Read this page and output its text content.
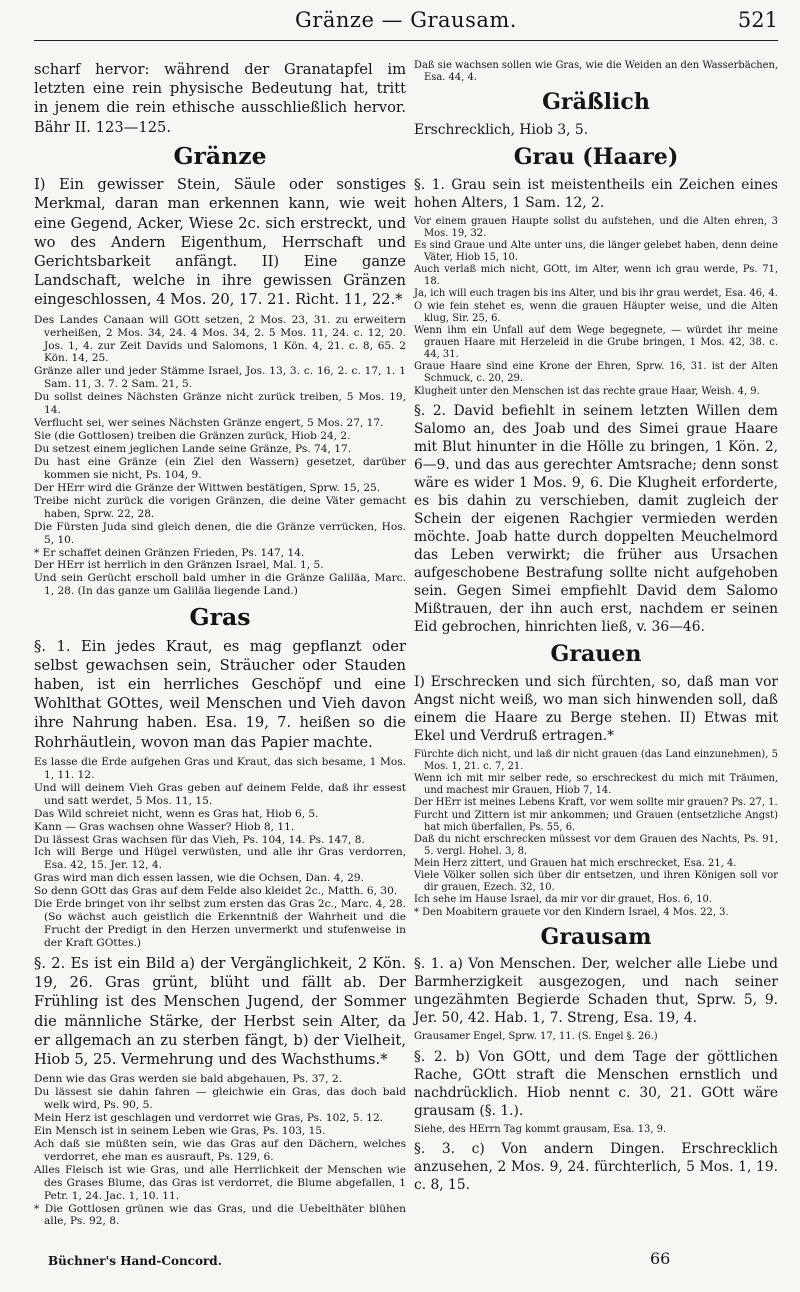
Gränze — Grausam.	521

scharf hervor: während der Granatapfel im letzten eine rein physische Bedeutung hat, tritt in jenem die rein ethische ausschließlich hervor. Bähr II. 123—125.

Gränze

I) Ein gewisser Stein, Säule oder sonstiges Merkmal, daran man erkennen kann, wie weit eine Gegend, Acker, Wiese 2c. sich erstreckt, und wo des Andern Eigenthum, Herrschaft und Gerichtsbarkeit anfängt. II) Eine ganze Landschaft, welche in ihre gewissen Gränzen eingeschlossen, 4 Mos. 20, 17. 21. Richt. 11, 22.*

Des Landes Canaan will GOtt setzen, 2 Mos. 23, 31. zu erweitern verheißen, 2 Mos. 34, 24. 4 Mos. 34, 2. 5 Mos. 11, 24. c. 12, 20. Jos. 1, 4. zur Zeit Davids und Salomons, 1 Kön. 4, 21. c. 8, 65. 2 Kön. 14, 25.

Gränze aller und jeder Stämme Israel, Jos. 13, 3. c. 16, 2. c. 17, 1. 1 Sam. 11, 3. 7. 2 Sam. 21, 5.

Du sollst deines Nächsten Gränze nicht zurück treiben, 5 Mos. 19, 14.

Verflucht sei, wer seines Nächsten Gränze engert, 5 Mos. 27, 17.

Sie (die Gottlosen) treiben die Gränzen zurück, Hiob 24, 2.

Du setzest einem jeglichen Lande seine Gränze, Ps. 74, 17.

Du hast eine Gränze (ein Ziel den Wassern) gesetzet, darüber kommen sie nicht, Ps. 104, 9.

Der HErr wird die Gränze der Wittwen bestätigen, Sprw. 15, 25.

Treibe nicht zurück die vorigen Gränzen, die deine Väter gemacht haben, Sprw. 22, 28.

Die Fürsten Juda sind gleich denen, die die Gränze verrücken, Hos. 5, 10.

* Er schaffet deinen Gränzen Frieden, Ps. 147, 14.

Der HErr ist herrlich in den Gränzen Israel, Mal. 1, 5.

Und sein Gerücht erscholl bald umher in die Gränze Galiläa, Marc. 1, 28. (In das ganze um Galiläa liegende Land.)

Gras

§. 1. Ein jedes Kraut, es mag gepflanzt oder selbst gewachsen sein, Sträucher oder Stauden haben, ist ein herrliches Geschöpf und eine Wohlthat GOttes, weil Menschen und Vieh davon ihre Nahrung haben. Esa. 19, 7. heißen so die Rohrhäutlein, wovon man das Papier machte.

Es lasse die Erde aufgehen Gras und Kraut, das sich besame, 1 Mos. 1, 11. 12.

Und will deinem Vieh Gras geben auf deinem Felde, daß ihr essest und satt werdet, 5 Mos. 11, 15.

Das Wild schreiet nicht, wenn es Gras hat, Hiob 6, 5.

Kann — Gras wachsen ohne Wasser? Hiob 8, 11.

Du lässest Gras wachsen für das Vieh, Ps. 104, 14. Ps. 147, 8.

Ich will Berge und Hügel verwüsten, und alle ihr Gras verdorren, Esa. 42, 15. Jer. 12, 4.

Gras wird man dich essen lassen, wie die Ochsen, Dan. 4, 29.

So denn GOtt das Gras auf dem Felde also kleidet 2c., Matth. 6, 30.

Die Erde bringet von ihr selbst zum ersten das Gras 2c., Marc. 4, 28. (So wächst auch geistlich die Erkenntniß der Wahrheit und die Frucht der Predigt in den Herzen unvermerkt und stufenweise in der Kraft GOttes.)

§. 2. Es ist ein Bild a) der Vergänglichkeit, 2 Kön. 19, 26. Gras grünt, blüht und fällt ab. Der Frühling ist des Menschen Jugend, der Sommer die männliche Stärke, der Herbst sein Alter, da er allgemach an zu sterben fängt, b) der Vielheit, Hiob 5, 25. Vermehrung und des Wachsthums.*

Denn wie das Gras werden sie bald abgehauen, Ps. 37, 2.

Du lässest sie dahin fahren — gleichwie ein Gras, das doch bald welk wird, Ps. 90, 5.

Mein Herz ist geschlagen und verdorret wie Gras, Ps. 102, 5. 12.

Ein Mensch ist in seinem Leben wie Gras, Ps. 103, 15.

Ach daß sie müßten sein, wie das Gras auf den Dächern, welches verdorret, ehe man es ausrauft, Ps. 129, 6.

Alles Fleisch ist wie Gras, und alle Herrlichkeit der Menschen wie des Grases Blume, das Gras ist verdorret, die Blume abgefallen, 1 Petr. 1, 24. Jac. 1, 10. 11.

* Die Gottlosen grünen wie das Gras, und die Uebelthäter blühen alle, Ps. 92, 8.

Daß sie wachsen sollen wie Gras, wie die Weiden an den Wasserbächen, Esa. 44, 4.

Gräßlich

Erschrecklich, Hiob 3, 5.

Grau (Haare)

§. 1. Grau sein ist meistentheils ein Zeichen eines hohen Alters, 1 Sam. 12, 2.

Vor einem grauen Haupte sollst du aufstehen, und die Alten ehren, 3 Mos. 19, 32.

Es sind Graue und Alte unter uns, die länger gelebet haben, denn deine Väter, Hiob 15, 10.

Auch verlaß mich nicht, GOtt, im Alter, wenn ich grau werde, Ps. 71, 18.

Ja, ich will euch tragen bis ins Alter, und bis ihr grau werdet, Esa. 46, 4.

O wie fein stehet es, wenn die grauen Häupter weise, und die Alten klug, Sir. 25, 6.

Wenn ihm ein Unfall auf dem Wege begegnete, — würdet ihr meine grauen Haare mit Herzeleid in die Grube bringen, 1 Mos. 42, 38. c. 44, 31.

Graue Haare sind eine Krone der Ehren, Sprw. 16, 31. ist der Alten Schmuck, c. 20, 29.

Klugheit unter den Menschen ist das rechte graue Haar, Weish. 4, 9.

§. 2. David befiehlt in seinem letzten Willen dem Salomo an, des Joab und des Simei graue Haare mit Blut hinunter in die Hölle zu bringen, 1 Kön. 2, 6—9. und das aus gerechter Amtsrache; denn sonst wäre es wider 1 Mos. 9, 6. Die Klugheit erforderte, es bis dahin zu verschieben, damit zugleich der Schein der eigenen Rachgier vermieden werden möchte. Joab hatte durch doppelten Meuchelmord das Leben verwirkt; die früher aus Ursachen aufgeschobene Bestrafung sollte nicht aufgehoben sein. Gegen Simei empfiehlt David dem Salomo Mißtrauen, der ihn auch erst, nachdem er seinen Eid gebrochen, hinrichten ließ, v. 36—46.

Grauen

I) Erschrecken und sich fürchten, so, daß man vor Angst nicht weiß, wo man sich hinwenden soll, daß einem die Haare zu Berge stehen. II) Etwas mit Ekel und Verdruß ertragen.*

Fürchte dich nicht, und laß dir nicht grauen (das Land einzunehmen), 5 Mos. 1, 21. c. 7, 21.

Wenn ich mit mir selber rede, so erschreckest du mich mit Träumen, und machest mir Grauen, Hiob 7, 14.

Der HErr ist meines Lebens Kraft, vor wem sollte mir grauen? Ps. 27, 1.

Furcht und Zittern ist mir ankommen; und Grauen (entsetzliche Angst) hat mich überfallen, Ps. 55, 6.

Daß du nicht erschrecken müssest vor dem Grauen des Nachts, Ps. 91, 5. vergl. Hohel. 3, 8.

Mein Herz zittert, und Grauen hat mich erschrecket, Esa. 21, 4.

Viele Völker sollen sich über dir entsetzen, und ihren Königen soll vor dir grauen, Ezech. 32, 10.

Ich sehe im Hause Israel, da mir vor dir grauet, Hos. 6, 10.

* Den Moabitern grauete vor den Kindern Israel, 4 Mos. 22, 3.

Grausam

§. 1. a) Von Menschen. Der, welcher alle Liebe und Barmherzigkeit ausgezogen, und nach seiner ungezähmten Begierde Schaden thut, Sprw. 5, 9. Jer. 50, 42. Hab. 1, 7. Streng, Esa. 19, 4.

Grausamer Engel, Sprw. 17, 11. (S. Engel §. 26.)

§. 2. b) Von GOtt, und dem Tage der göttlichen Rache, GOtt straft die Menschen ernstlich und nachdrücklich. Hiob nennt c. 30, 21. GOtt wäre grausam (§. 1.).

Siehe, des HErrn Tag kommt grausam, Esa. 13, 9.

§. 3. c) Von andern Dingen. Erschrecklich anzusehen, 2 Mos. 9, 24. fürchterlich, 5 Mos. 1, 19. c. 8, 15.

Büchner's Hand-Concord.	66
